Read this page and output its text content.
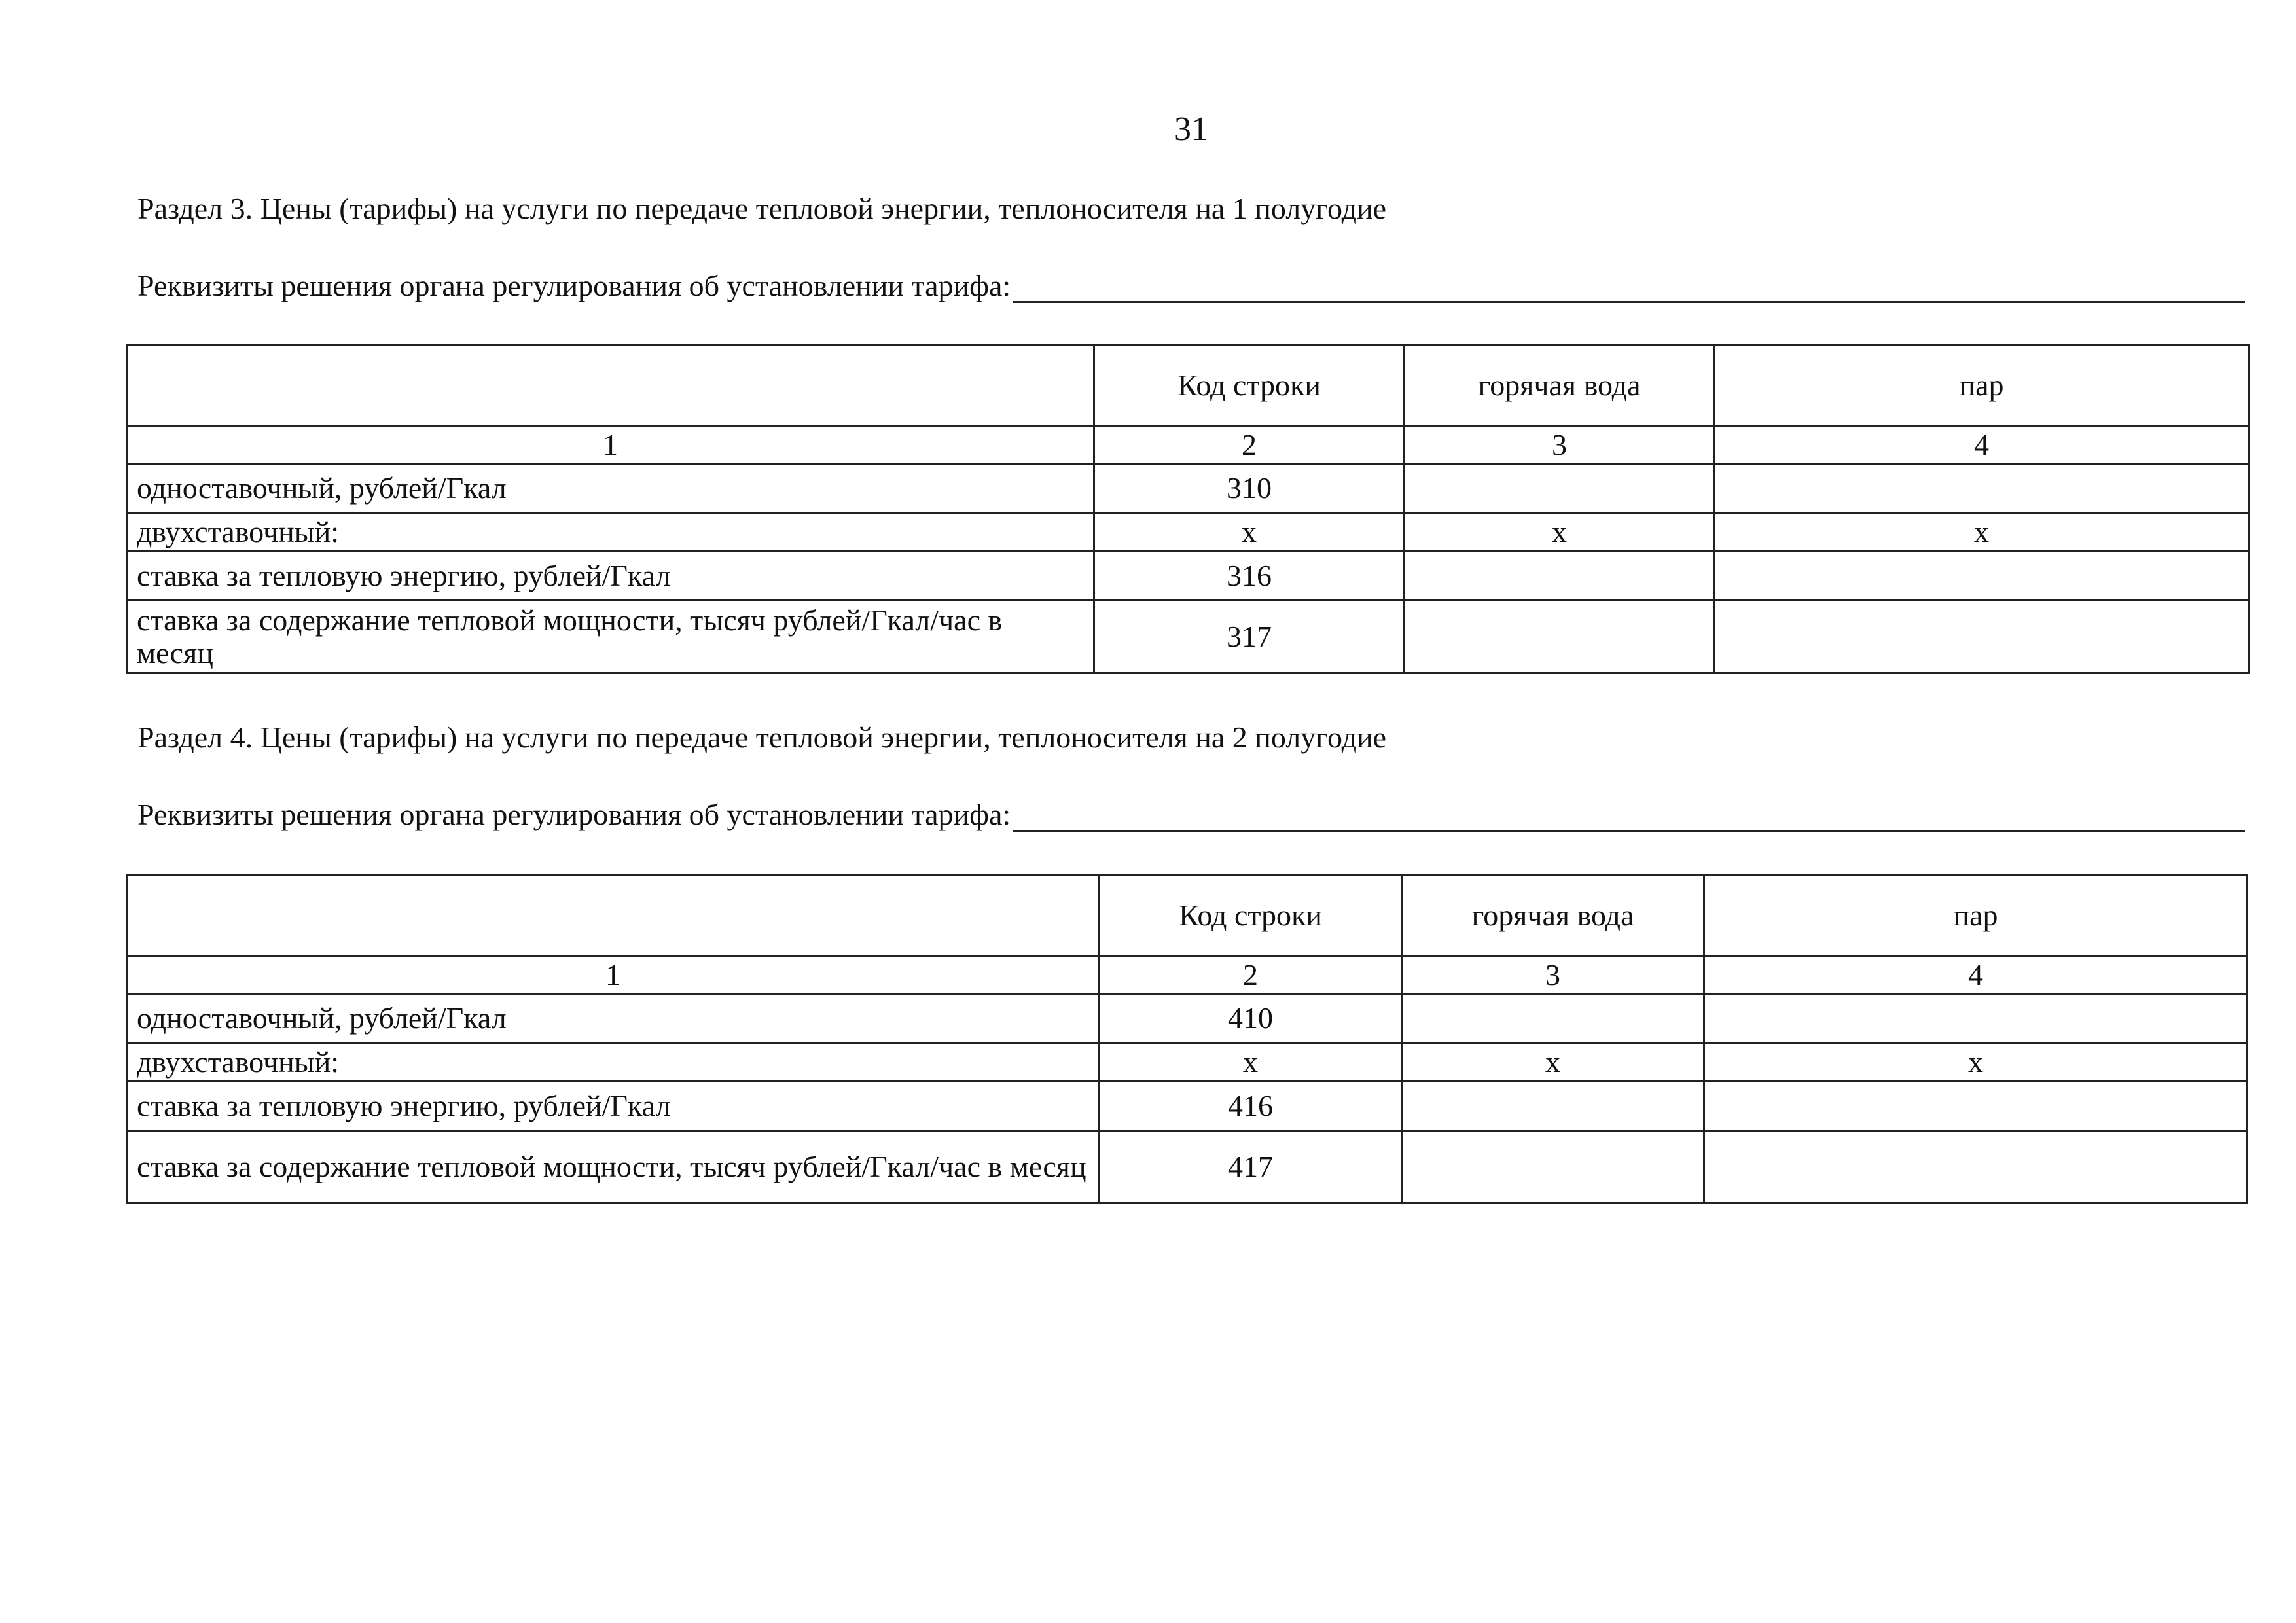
31
Раздел 3. Цены (тарифы) на услуги по передаче тепловой энергии, теплоносителя на 1 полугодие
Реквизиты решения органа регулирования об установлении тарифа:
	Код строки	горячая вода	пар
1	2	3	4
одноставочный, рублей/Гкал	310		
двухставочный:	х	х	х
ставка за тепловую энергию, рублей/Гкал	316		
ставка за содержание тепловой мощности, тысяч рублей/Гкал/час в месяц	317		
Раздел 4. Цены (тарифы) на услуги по передаче тепловой энергии, теплоносителя на 2 полугодие
Реквизиты решения органа регулирования об установлении тарифа:
	Код строки	горячая вода	пар
1	2	3	4
одноставочный, рублей/Гкал	410		
двухставочный:	х	х	х
ставка за тепловую энергию, рублей/Гкал	416		
ставка за содержание тепловой мощности, тысяч рублей/Гкал/час в месяц	417		
